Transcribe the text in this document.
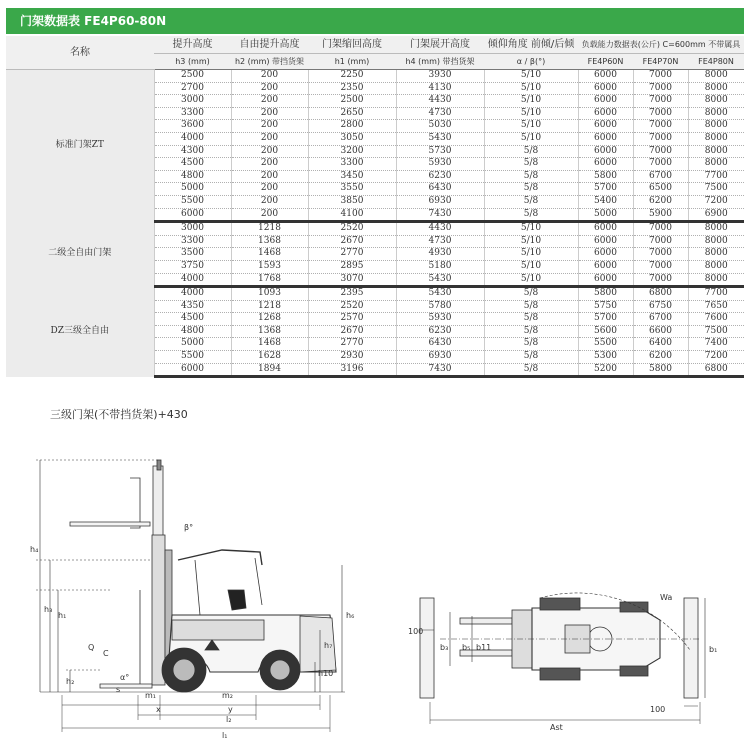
门架数据表 FE4P60-80N
名称	提升高度	自由提升高度	门架缩回高度	门架展开高度	倾仰角度 前倾/后倾	负载能力数据表(公斤) C=600mm 不带属具		
	h3 (mm)	h2 (mm) 带挡货架	h1 (mm)	h4 (mm) 带挡货架	α / β(°)	FE4P60N	FE4P70N	FE4P80N
标准门架ZT	2500	200	2250	3930	5/10	6000	7000	8000
	2700	200	2350	4130	5/10	6000	7000	8000
	3000	200	2500	4430	5/10	6000	7000	8000
	3300	200	2650	4730	5/10	6000	7000	8000
	3600	200	2800	5030	5/10	6000	7000	8000
	4000	200	3050	5430	5/10	6000	7000	8000
	4300	200	3200	5730	5/8	6000	7000	8000
	4500	200	3300	5930	5/8	6000	7000	8000
	4800	200	3450	6230	5/8	5800	6700	7700
	5000	200	3550	6430	5/8	5700	6500	7500
	5500	200	3850	6930	5/8	5400	6200	7200
	6000	200	4100	7430	5/8	5000	5900	6900
二级全自由门架	3000	1218	2520	4430	5/10	6000	7000	8000
	3300	1368	2670	4730	5/10	6000	7000	8000
	3500	1468	2770	4930	5/10	6000	7000	8000
	3750	1593	2895	5180	5/10	6000	7000	8000
	4000	1768	3070	5430	5/10	6000	7000	8000
DZ三级全自由	4000	1093	2395	5430	5/8	5800	6800	7700
	4350	1218	2520	5780	5/8	5750	6750	7650
	4500	1268	2570	5930	5/8	5700	6700	7600
	4800	1368	2670	6230	5/8	5600	6600	7500
	5000	1468	2770	6430	5/8	5500	6400	7400
	5500	1628	2930	6930	5/8	5300	6200	7200
	6000	1894	3196	7430	5/8	5200	5800	6800
三级门架(不带挡货架)+430
h₄
h₃
h₁	h₆
h₇
h10
h₂
Q
C
s
m₁	m₂
x	y
l₂
l₁
β°
α°
100
100
Wa
Ast
b₁
b₃ b₅ b11
